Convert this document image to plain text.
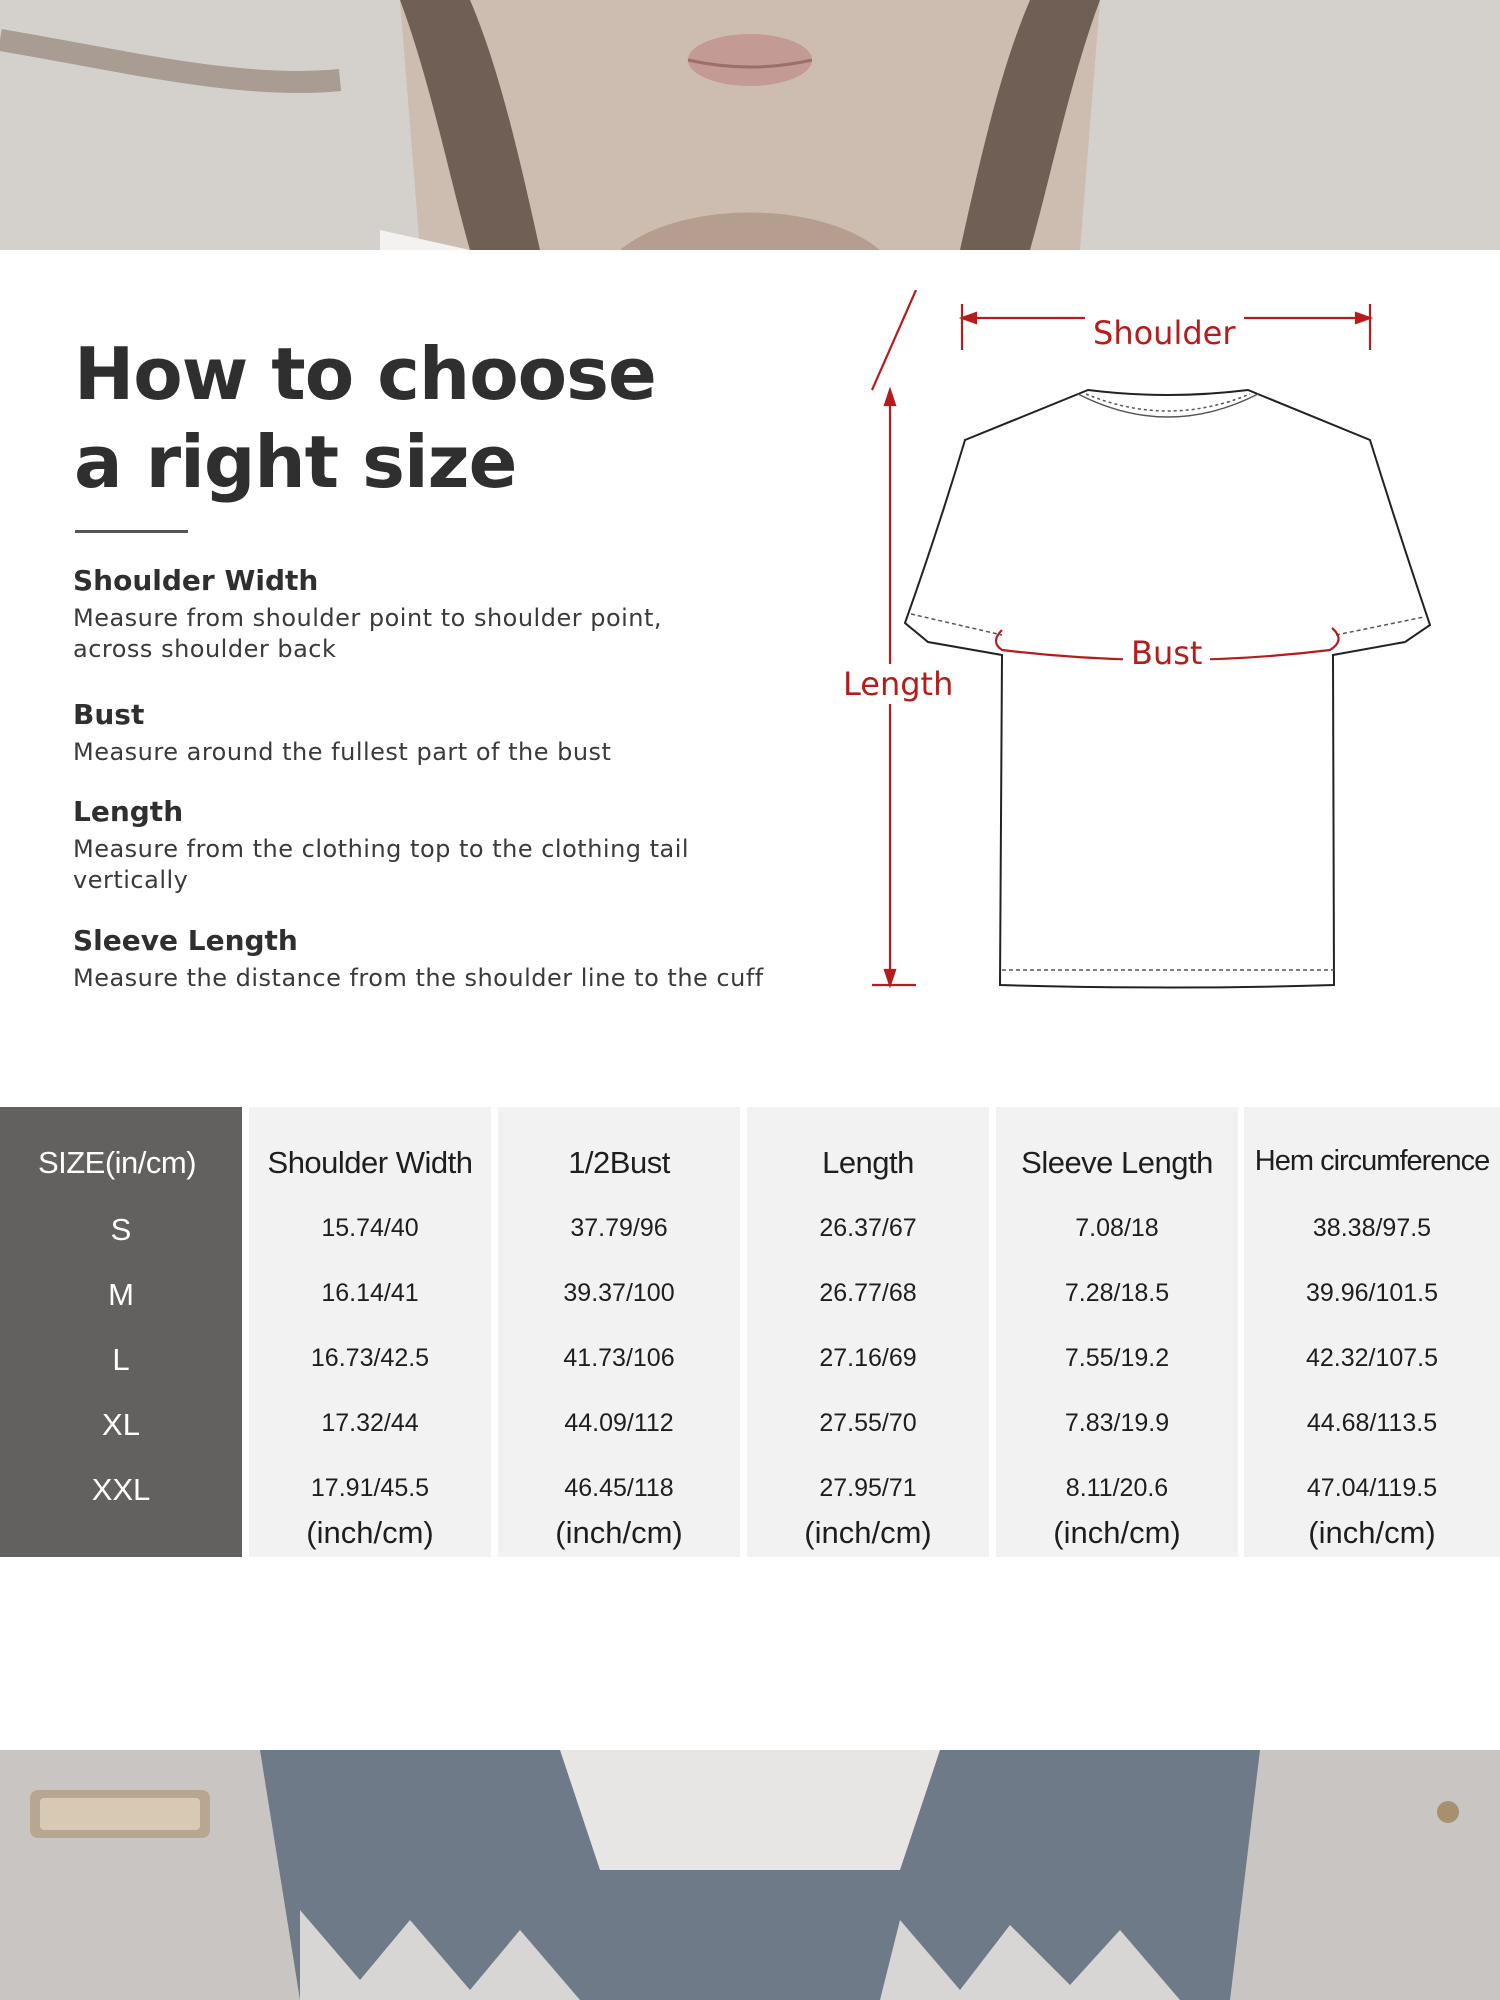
How to choose
a right size
Shoulder Width

Measure from shoulder point to shoulder point, across shoulder back

Bust

Measure around the fullest part of the bust

Length

Measure from the clothing top to the clothing tail vertically

Sleeve Length

Measure the distance from the shoulder line to the cuff

Shoulder
Bust
Length
SIZE(in/cm)
S
M
L
XL
XXL
Shoulder Width
15.74/40
16.14/41
16.73/42.5
17.32/44
17.91/45.5
(inch/cm)
1/2Bust
37.79/96
39.37/100
41.73/106
44.09/112
46.45/118
(inch/cm)
Length
26.37/67
26.77/68
27.16/69
27.55/70
27.95/71
(inch/cm)
Sleeve Length
7.08/18
7.28/18.5
7.55/19.2
7.83/19.9
8.11/20.6
(inch/cm)
Hem circumference
38.38/97.5
39.96/101.5
42.32/107.5
44.68/113.5
47.04/119.5
(inch/cm)
